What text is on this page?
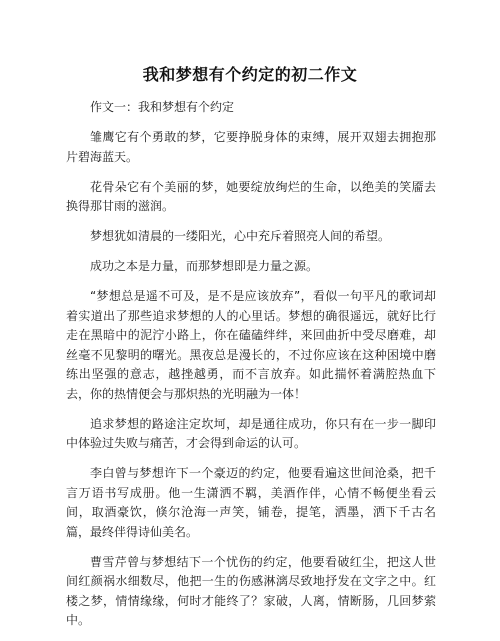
我和梦想有个约定的初二作文

作文一：我和梦想有个约定

雏鹰它有个勇敢的梦，它要挣脱身体的束缚，展开双翅去拥抱那片碧海蓝天。

花骨朵它有个美丽的梦，她要绽放绚烂的生命，以绝美的笑靥去换得那甘雨的滋润。

梦想犹如清晨的一缕阳光，心中充斥着照亮人间的希望。

成功之本是力量，而那梦想即是力量之源。

“梦想总是遥不可及，是不是应该放弃”，看似一句平凡的歌词却着实道出了那些追求梦想的人的心里话。梦想的确很遥远，就好比行走在黑暗中的泥泞小路上，你在磕磕绊绊，来回曲折中受尽磨难，却丝毫不见黎明的曙光。黑夜总是漫长的，不过你应该在这种困境中磨练出坚强的意志，越挫越勇，而不言放弃。如此揣怀着满腔热血下去，你的热情便会与那炽热的光明融为一体！

追求梦想的路途注定坎坷，却是通往成功，你只有在一步一脚印中体验过失败与痛苦，才会得到命运的认可。

李白曾与梦想许下一个豪迈的约定，他要看遍这世间沧桑，把千言万语书写成册。他一生潇洒不羁，美酒作伴，心情不畅便坐看云间，取酒豪饮，倏尔沧海一声笑，铺卷，提笔，洒墨，洒下千古名篇，最终伴得诗仙美名。

曹雪芹曾与梦想结下一个忧伤的约定，他要看破红尘，把这人世间红颜祸水细数尽，他把一生的伤感淋漓尽致地抒发在文字之中。红楼之梦，情情缘缘，何时才能终了？家破，人离，情断肠，几回梦萦中。
